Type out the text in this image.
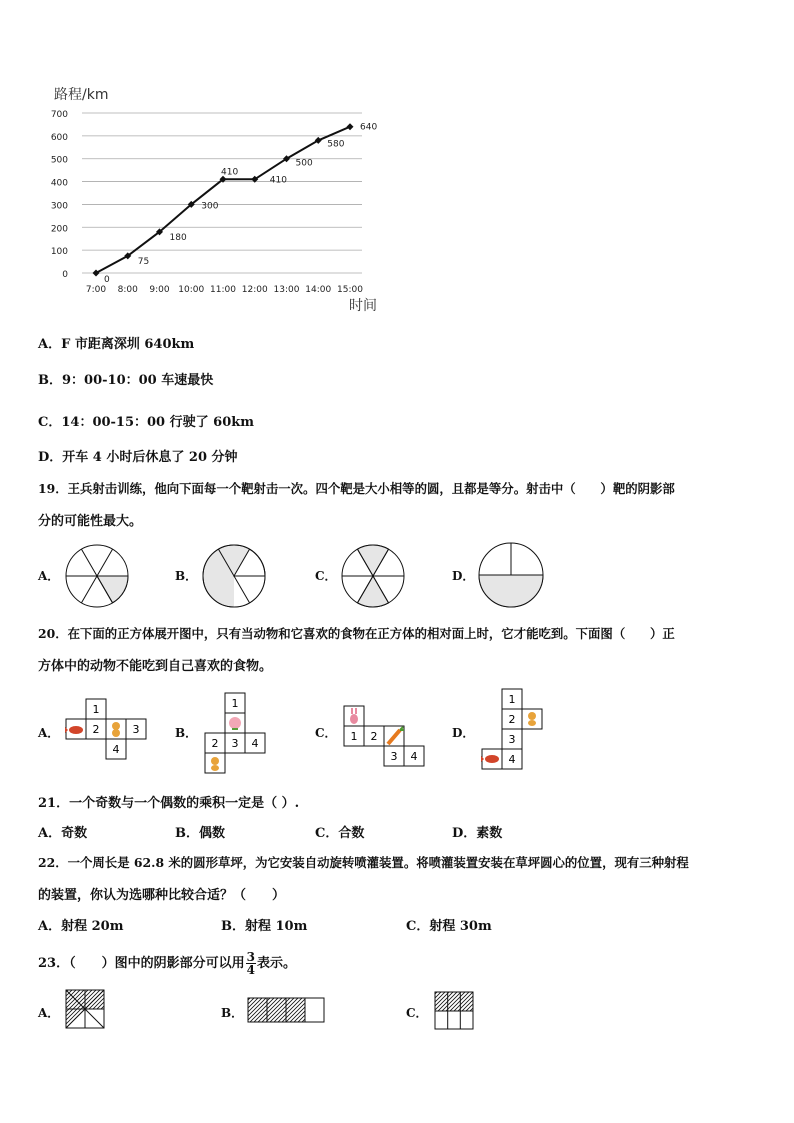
路程/km
0
100
200
300
400
500
600
700
7:00 8:00 9:00 10:00 11:00 12:00 13:00 14:00 15:00
0
75
180
300
410
410
500
580
640
时间
A．F 市距离深圳 640km
B．9：00-10：00 车速最快
C．14：00-15：00 行驶了 60km
D．开车 4 小时后休息了 20 分钟
19．王兵射击训练，他向下面每一个靶射击一次。四个靶是大小相等的圆，且都是等分。射击中（　　）靶的阴影部
分的可能性最大。
A．	B．	C．	D．
20．在下面的正方体展开图中，只有当动物和它喜欢的食物在正方体的相对面上时，它才能吃到。下面图（　　）正
方体中的动物不能吃到自己喜欢的食物。
A．
1
2	3
4
B．
1
2 3 4
C． 1 2
3 4
D．
1
2
3
4
21．一个奇数与一个偶数的乘积一定是（ ）.
A．奇数	B．偶数	C．合数	D．素数
22．一个周长是 62.8 米的圆形草坪，为它安装自动旋转喷灌装置。将喷灌装置安装在草坪圆心的位置，现有三种射程
的装置，你认为选哪种比较合适？（　　）
A．射程 20m	B．射程 10m	C．射程 30m
23．（　　）图中的阴影部分可以用 $\frac{3}{4}$ 表示。
A．	B．	C．
